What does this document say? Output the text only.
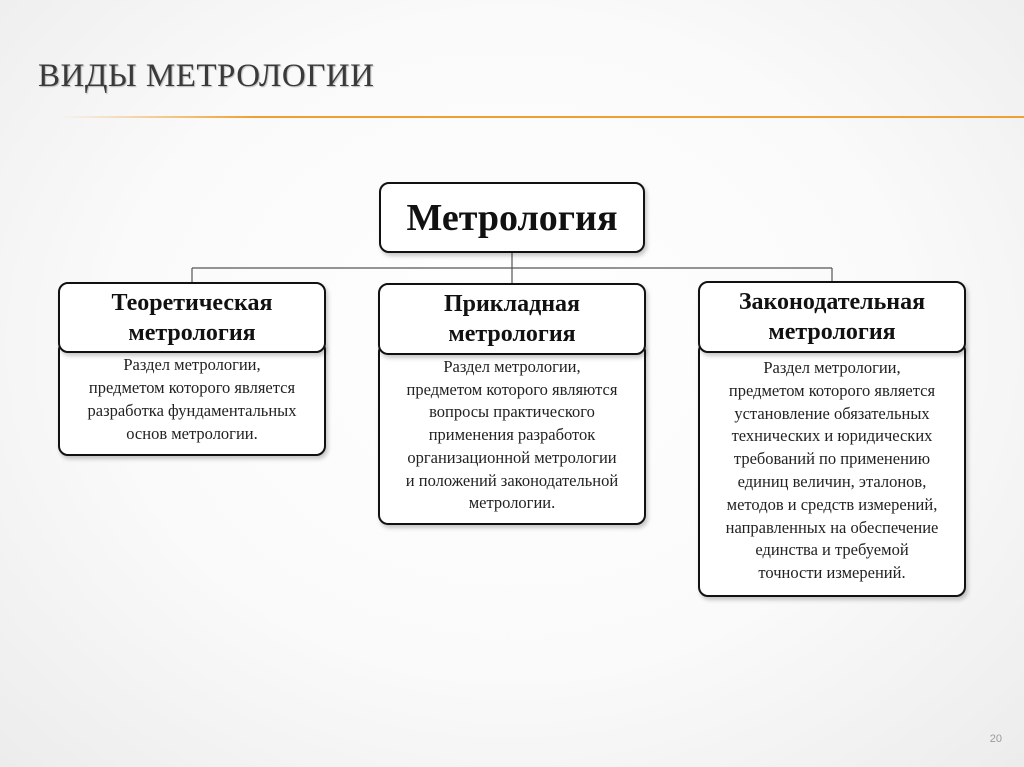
ВИДЫ МЕТРОЛОГИИ
Метрология
Раздел метрологии,
предметом которого является
разработка фундаментальных
основ метрологии.
Теоретическая
метрология
Раздел метрологии,
предметом которого являются
вопросы практического
применения разработок
организационной метрологии
и положений законодательной
метрологии.
Прикладная
метрология
Раздел метрологии,
предметом которого является
установление обязательных
технических и юридических
требований по применению
единиц величин, эталонов,
методов и средств измерений,
направленных на обеспечение
единства и требуемой
точности измерений.
Законодательная
метрология
20
